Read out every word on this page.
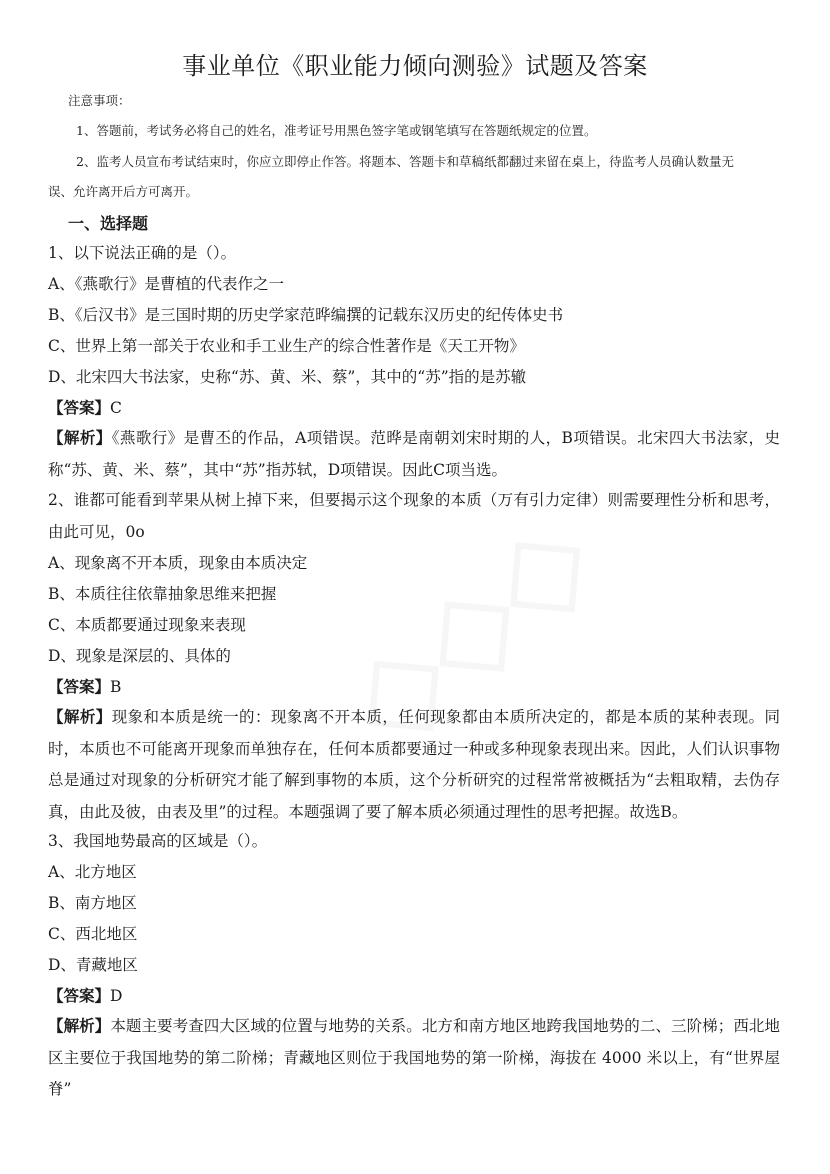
事业单位《职业能力倾向测验》试题及答案
注意事项：
1、答题前，考试务必将自己的姓名，准考证号用黑色签字笔或钢笔填写在答题纸规定的位置。
2、监考人员宣布考试结束时，你应立即停止作答。将题本、答题卡和草稿纸都翻过来留在桌上，待监考人员确认数量无
误、允许离开后方可离开。
一、选择题
1、以下说法正确的是（）。
A、《燕歌行》是曹植的代表作之一
B、《后汉书》是三国时期的历史学家范晔编撰的记载东汉历史的纪传体史书
C、世界上第一部关于农业和手工业生产的综合性著作是《天工开物》
D、北宋四大书法家，史称“苏、黄、米、蔡”，其中的“苏”指的是苏辙
【答案】C
【解析】《燕歌行》是曹丕的作品，A项错误。范晔是南朝刘宋时期的人，B项错误。北宋四大书法家，史称“苏、黄、米、蔡”，其中“苏”指苏轼，D项错误。因此C项当选。
2、谁都可能看到苹果从树上掉下来，但要揭示这个现象的本质（万有引力定律）则需要理性分析和思考，由此可见，0o
A、现象离不开本质，现象由本质决定
B、本质往往依靠抽象思维来把握
C、本质都要通过现象来表现
D、现象是深层的、具体的
【答案】B
【解析】现象和本质是统一的：现象离不开本质，任何现象都由本质所决定的，都是本质的某种表现。同时，本质也不可能离开现象而单独存在，任何本质都要通过一种或多种现象表现出来。因此，人们认识事物总是通过对现象的分析研究才能了解到事物的本质，这个分析研究的过程常常被概括为“去粗取精，去伪存真，由此及彼，由表及里”的过程。本题强调了要了解本质必须通过理性的思考把握。故选B。
3、我国地势最高的区域是（）。
A、北方地区
B、南方地区
C、西北地区
D、青藏地区
【答案】D
【解析】本题主要考查四大区域的位置与地势的关系。北方和南方地区地跨我国地势的二、三阶梯；西北地区主要位于我国地势的第二阶梯；青藏地区则位于我国地势的第一阶梯，海拔在 4000 米以上，有“世界屋脊”
